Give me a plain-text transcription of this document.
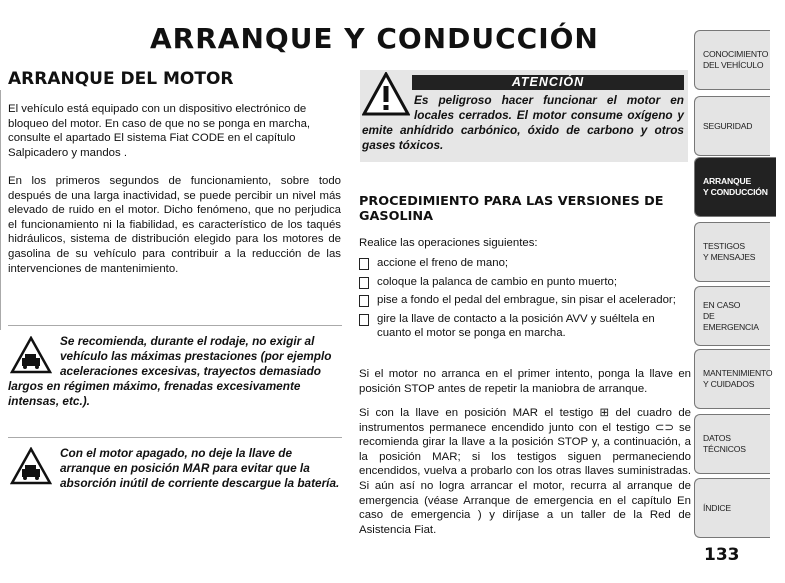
ARRANQUE Y CONDUCCIÓN
ARRANQUE DEL MOTOR

El vehículo está equipado con un dispositivo electrónico de bloqueo del motor. En caso de que no se ponga en marcha, consulte el apartado El sistema Fiat CODE en el capítulo Salpicadero y mandos .

En los primeros segundos de funcionamiento, sobre todo después de una larga inactividad, se puede percibir un nivel más elevado de ruido en el motor. Dicho fenómeno, que no perjudica el funcionamiento ni la fiabilidad, es característico de los taqués hidráulicos, sistema de distribución elegido para los motores de gasolina de su vehículo para contribuir a la reducción de las intervenciones de mantenimiento.

Se recomienda, durante el rodaje, no exigir al vehículo las máximas prestaciones (por ejemplo aceleraciones excesivas, trayectos demasiado largos en régimen máximo, frenadas excesivamente intensas, etc.).
Con el motor apagado, no deje la llave de arranque en posición MAR para evitar que la absorción inútil de corriente descargue la batería.
ATENCIÓN
Es peligroso hacer funcionar el motor en locales cerrados. El motor consume oxígeno y emite anhídrido carbónico, óxido de carbono y otros gases tóxicos.
PROCEDIMIENTO PARA LAS VERSIONES DE GASOLINA

Realice las operaciones siguientes:

accione el freno de mano;
coloque la palanca de cambio en punto muerto;
pise a fondo el pedal del embrague, sin pisar el acelerador;
gire la llave de contacto a la posición AVV y suéltela en cuanto el motor se ponga en marcha.

Si el motor no arranca en el primer intento, ponga la llave en posición STOP antes de repetir la maniobra de arranque.

Si con la llave en posición MAR el testigo ⊞ del cuadro de instrumentos permanece encendido junto con el testigo ⊂⊃ se recomienda girar la llave a la posición STOP y, a continuación, a la posición MAR; si los testigos siguen permaneciendo encendidos, vuelva a probarlo con los otras llaves suministradas. Si aún así no logra arrancar el motor, recurra al arranque de emergencia (véase Arranque de emergencia en el capítulo En caso de emergencia ) y diríjase a un taller de la Red de Asistencia Fiat.

CONOCIMIENTO
DEL VEHÍCULO
SEGURIDAD
ARRANQUE
Y CONDUCCIÓN
TESTIGOS
Y MENSAJES
EN CASO
DE EMERGENCIA
MANTENIMIENTO
Y CUIDADOS
DATOS TÉCNICOS
ÍNDICE
133
